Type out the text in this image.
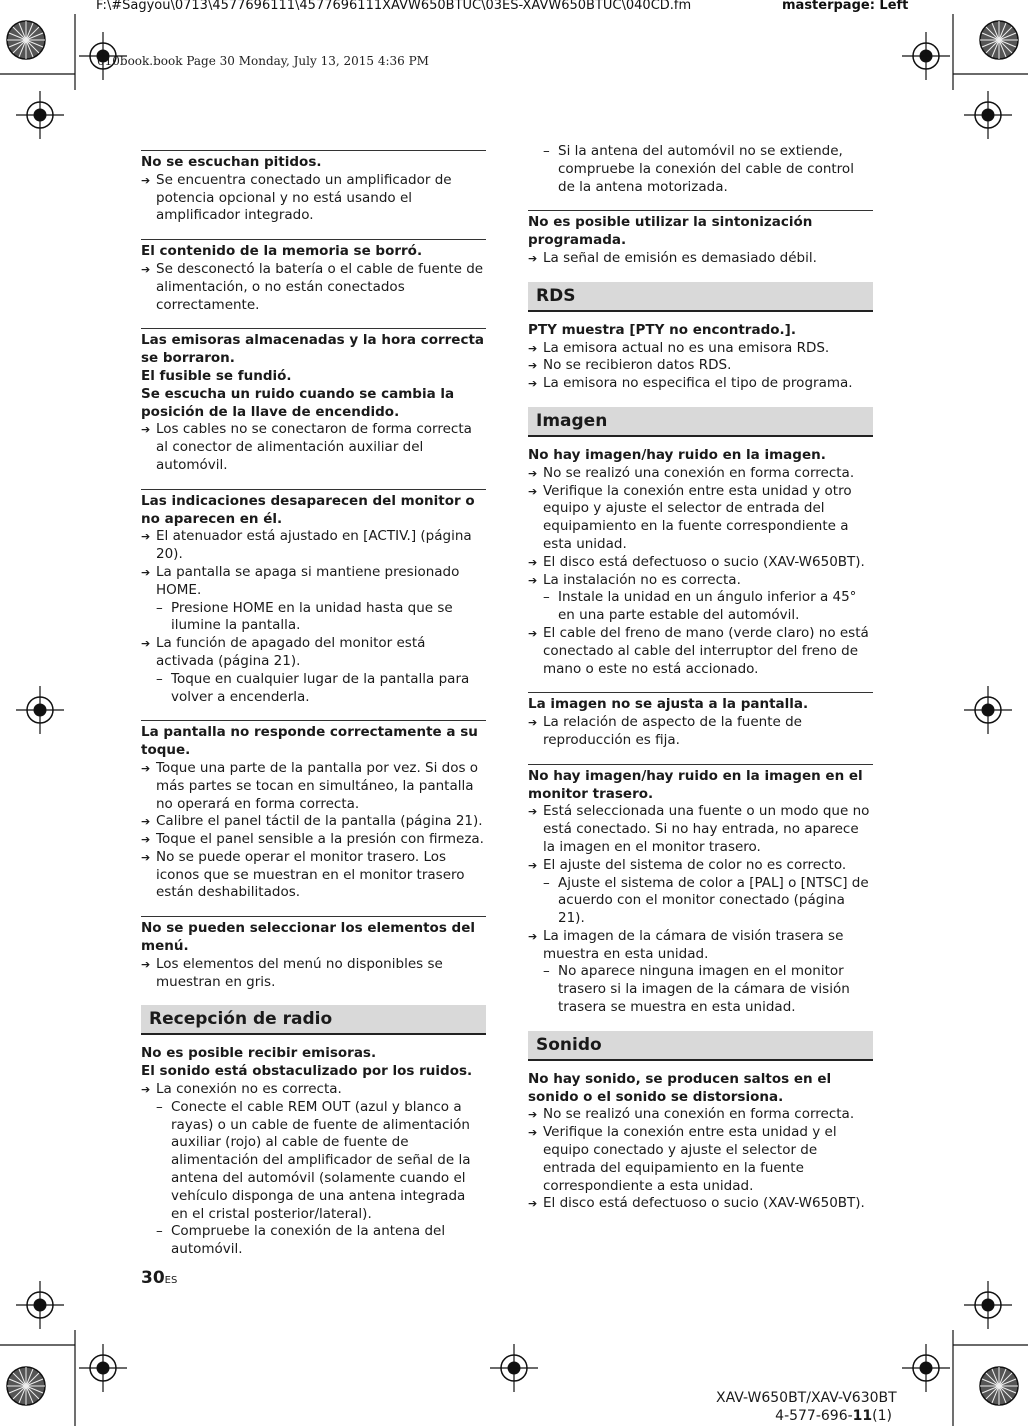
F:\#Sagyou\0713\4577696111\4577696111XAVW650BTUC\03ES-XAVW650BTUC\040CD.fm	masterpage: Left
010book.book Page 30 Monday, July 13, 2015 4:36 PM

No se escuchan pitidos.

➔ Se encuentra conectado un amplificador de potencia opcional y no está usando el amplificador integrado.

El contenido de la memoria se borró.

➔ Se desconectó la batería o el cable de fuente de alimentación, o no están conectados correctamente.

Las emisoras almacenadas y la hora correcta se borraron.

El fusible se fundió.

Se escucha un ruido cuando se cambia la posición de la llave de encendido.

➔ Los cables no se conectaron de forma correcta al conector de alimentación auxiliar del automóvil.

Las indicaciones desaparecen del monitor o no aparecen en él.

➔ El atenuador está ajustado en [ACTIV.] (página 20).

➔ La pantalla se apaga si mantiene presionado HOME.

– Presione HOME en la unidad hasta que se ilumine la pantalla.

➔ La función de apagado del monitor está activada (página 21).

– Toque en cualquier lugar de la pantalla para volver a encenderla.

La pantalla no responde correctamente a su toque.

➔ Toque una parte de la pantalla por vez. Si dos o más partes se tocan en simultáneo, la pantalla no operará en forma correcta.

➔ Calibre el panel táctil de la pantalla (página 21).

➔ Toque el panel sensible a la presión con firmeza.

➔ No se puede operar el monitor trasero. Los iconos que se muestran en el monitor trasero están deshabilitados.

No se pueden seleccionar los elementos del menú.

➔ Los elementos del menú no disponibles se muestran en gris.

Recepción de radio

No es posible recibir emisoras.

El sonido está obstaculizado por los ruidos.

➔ La conexión no es correcta.

– Conecte el cable REM OUT (azul y blanco a rayas) o un cable de fuente de alimentación auxiliar (rojo) al cable de fuente de alimentación del amplificador de señal de la antena del automóvil (solamente cuando el vehículo disponga de una antena integrada en el cristal posterior/lateral).

– Compruebe la conexión de la antena del automóvil.

– Si la antena del automóvil no se extiende, compruebe la conexión del cable de control de la antena motorizada.

No es posible utilizar la sintonización programada.

➔ La señal de emisión es demasiado débil.

RDS

PTY muestra [PTY no encontrado.].

➔ La emisora actual no es una emisora RDS.

➔ No se recibieron datos RDS.

➔ La emisora no especifica el tipo de programa.

Imagen

No hay imagen/hay ruido en la imagen.

➔ No se realizó una conexión en forma correcta.

➔ Verifique la conexión entre esta unidad y otro equipo y ajuste el selector de entrada del equipamiento en la fuente correspondiente a esta unidad.

➔ El disco está defectuoso o sucio (XAV-W650BT).

➔ La instalación no es correcta.

– Instale la unidad en un ángulo inferior a 45° en una parte estable del automóvil.

➔ El cable del freno de mano (verde claro) no está conectado al cable del interruptor del freno de mano o este no está accionado.

La imagen no se ajusta a la pantalla.

➔ La relación de aspecto de la fuente de reproducción es fija.

No hay imagen/hay ruido en la imagen en el monitor trasero.

➔ Está seleccionada una fuente o un modo que no está conectado. Si no hay entrada, no aparece la imagen en el monitor trasero.

➔ El ajuste del sistema de color no es correcto.

– Ajuste el sistema de color a [PAL] o [NTSC] de acuerdo con el monitor conectado (página 21).

➔ La imagen de la cámara de visión trasera se muestra en esta unidad.

– No aparece ninguna imagen en el monitor trasero si la imagen de la cámara de visión trasera se muestra en esta unidad.

Sonido

No hay sonido, se producen saltos en el sonido o el sonido se distorsiona.

➔ No se realizó una conexión en forma correcta.

➔ Verifique la conexión entre esta unidad y el equipo conectado y ajuste el selector de entrada del equipamiento en la fuente correspondiente a esta unidad.

➔ El disco está defectuoso o sucio (XAV-W650BT).

30ES
XAV-W650BT/XAV-V630BT
4-577-696-11(1)
